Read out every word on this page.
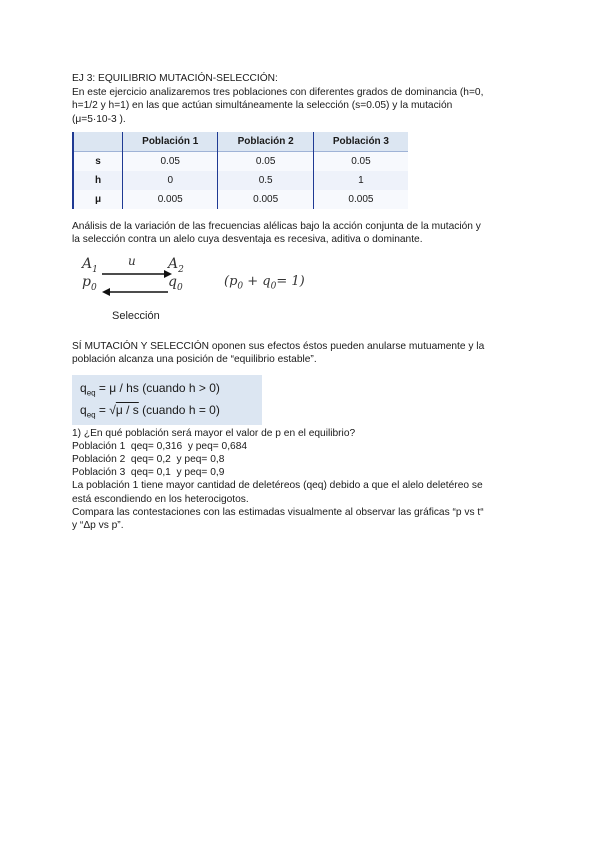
EJ 3: EQUILIBRIO MUTACIÓN-SELECCIÓN:
En este ejercicio analizaremos tres poblaciones con diferentes grados de dominancia (h=0,
h=1/2 y h=1) en las que actúan simultáneamente la selección (s=0.05) y la mutación
(μ=5·10-3 ).
	Población 1	Población 2	Población 3
s	0.05	0.05	0.05
h	0	0.5	1
μ	0.005	0.005	0.005
Análisis de la variación de las frecuencias alélicas bajo la acción conjunta de la mutación y
la selección contra un alelo cuya desventaja es recesiva, aditiva o dominante.
$A_1$
$p_0$
u $A_2$
$q_0$
Selección
$(p_0 + q_0= 1)$
SÍ MUTACIÓN Y SELECCIÓN oponen sus efectos éstos pueden anularse mutuamente y la
población alcanza una posición de “equilibrio estable”.
$q_{eq} = \mu$ / hs (cuando h > 0)
$q_{eq} = √\mu / s$ (cuando h = 0)
1) ¿En qué población será mayor el valor de p en el equilibrio?
Población 1  qeq= 0,316  y peq= 0,684
Población 2  qeq= 0,2  y peq= 0,8
Población 3  qeq= 0,1  y peq= 0,9
La población 1 tiene mayor cantidad de deletéreos (qeq) debido a que el alelo deletéreo se
está escondiendo en los heterocigotos.
Compara las contestaciones con las estimadas visualmente al observar las gráficas “p vs t“
y “Δp vs p”.
